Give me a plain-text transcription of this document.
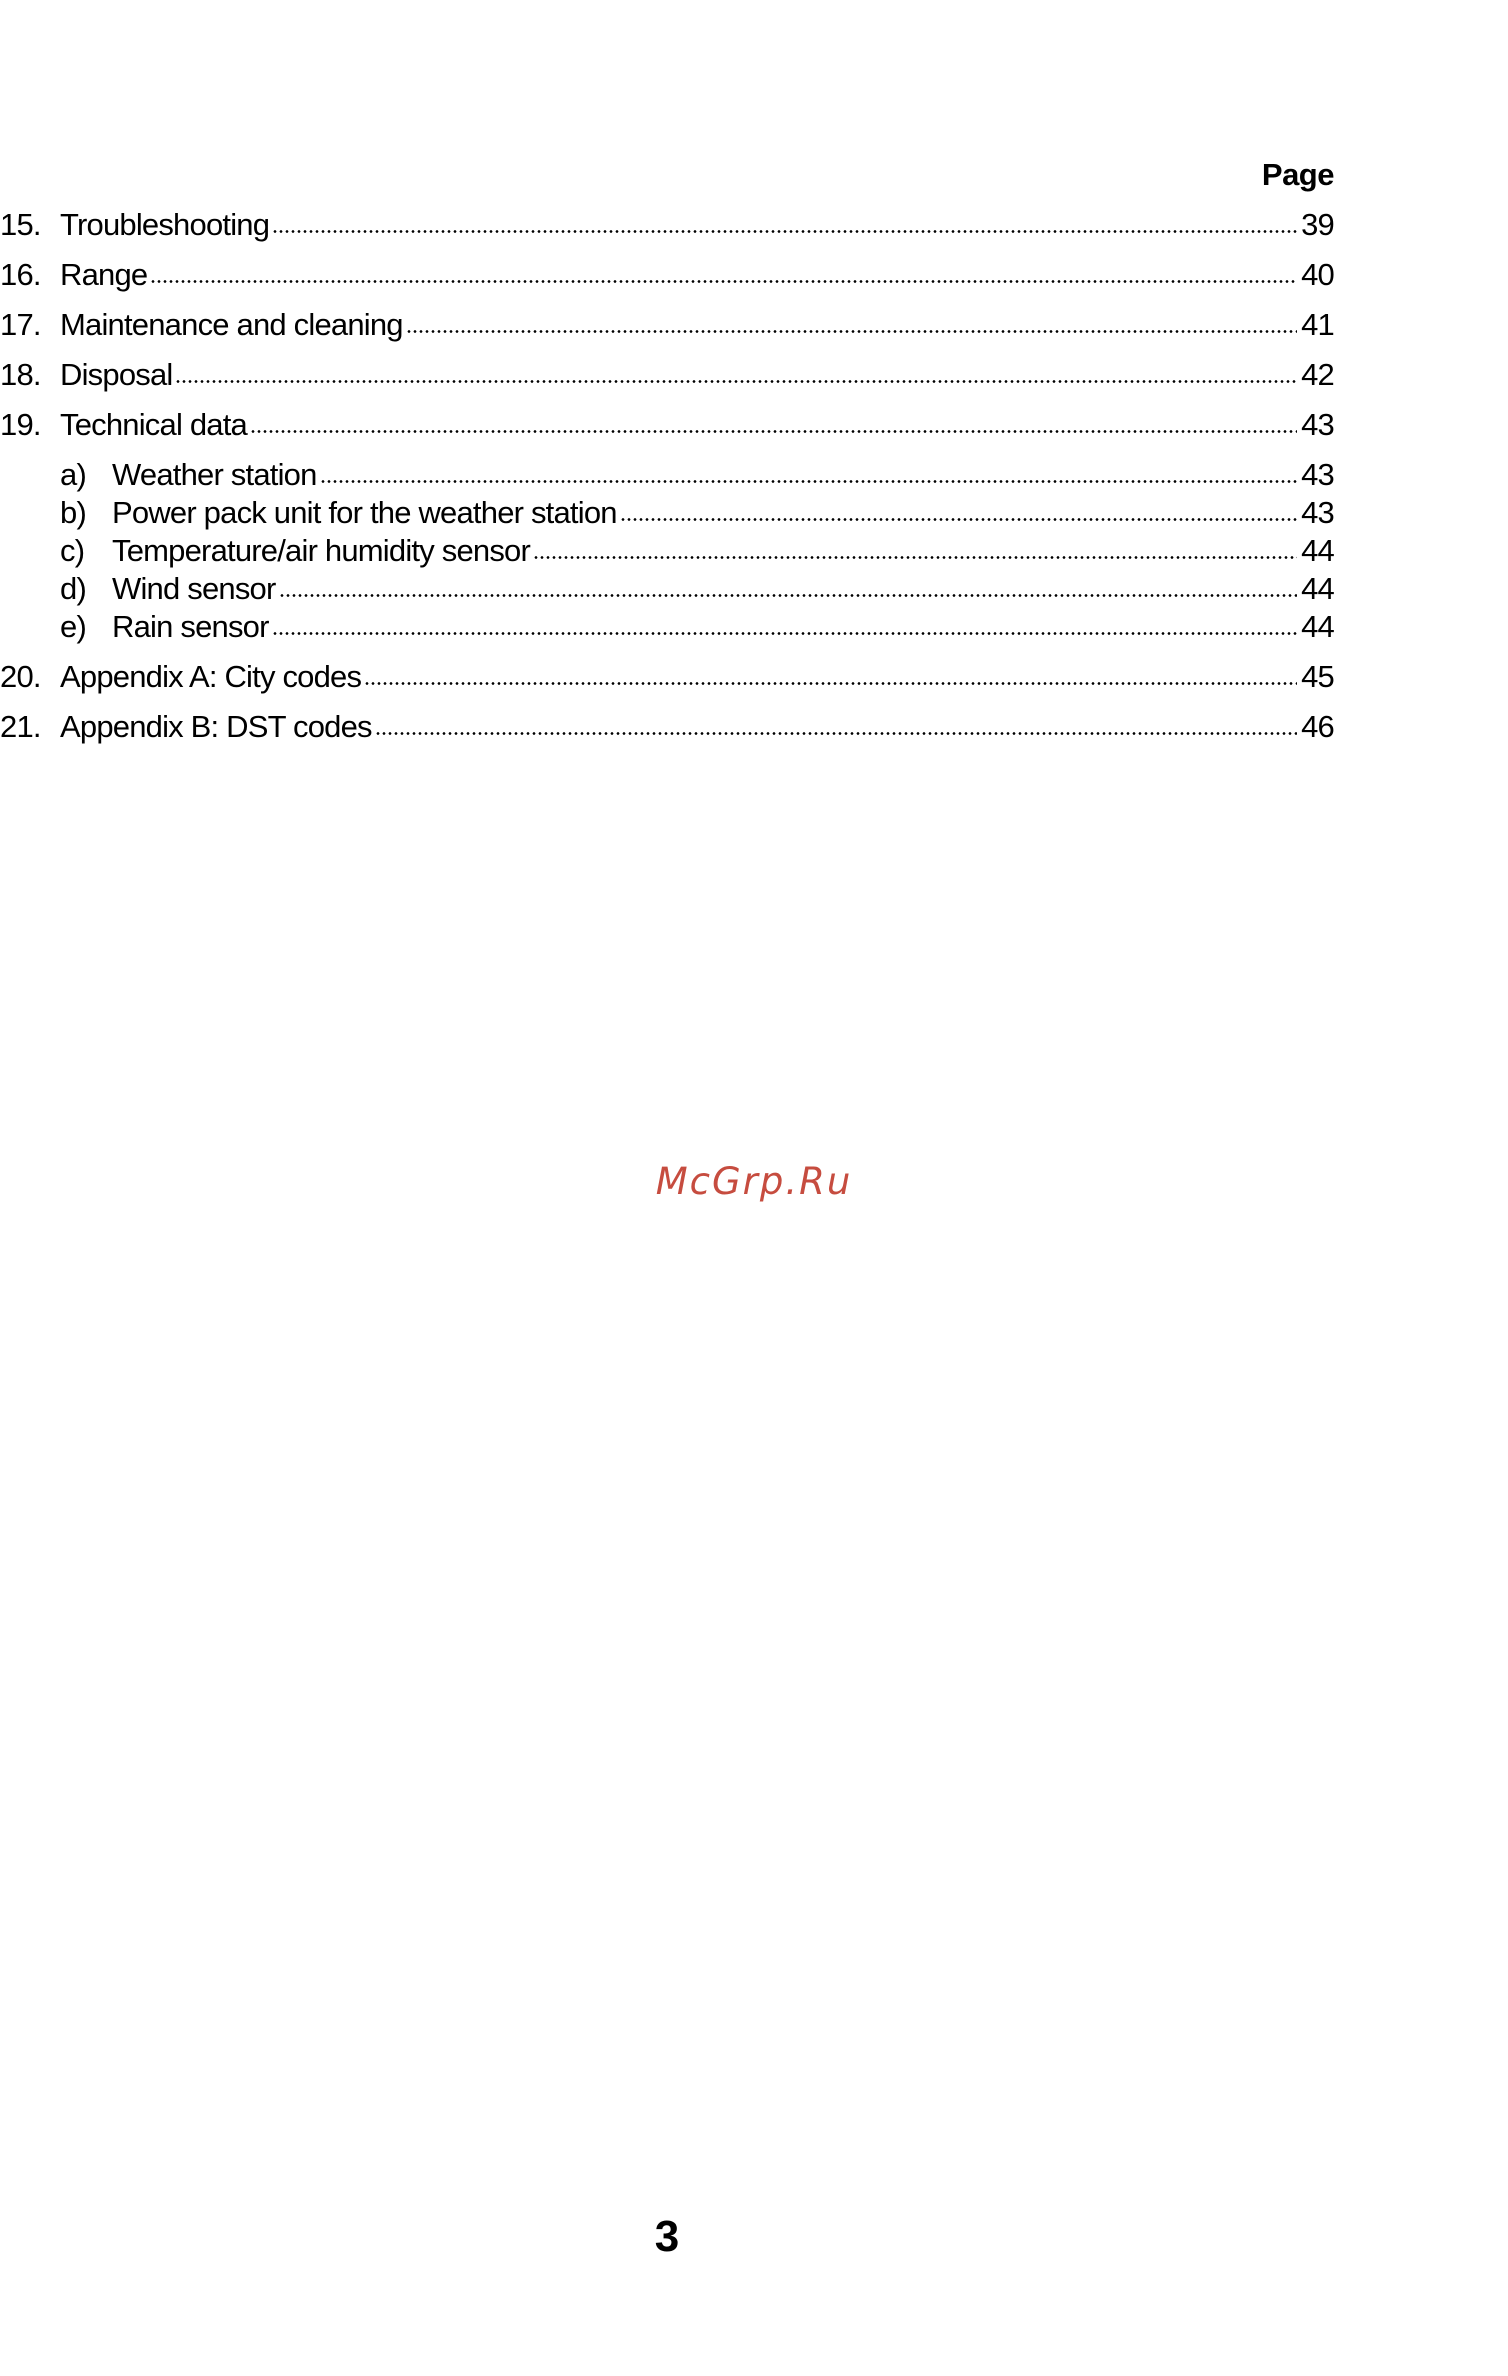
Page
15. Troubleshooting	39
16. Range	40
17. Maintenance and cleaning	41
18. Disposal	42
19. Technical data	43
a) Weather station	43
b) Power pack unit for the weather station	43
c) Temperature/air humidity sensor	44
d) Wind sensor	44
e) Rain sensor	44
20. Appendix A: City codes	45
21. Appendix B: DST codes	46
McGrp.Ru
3
